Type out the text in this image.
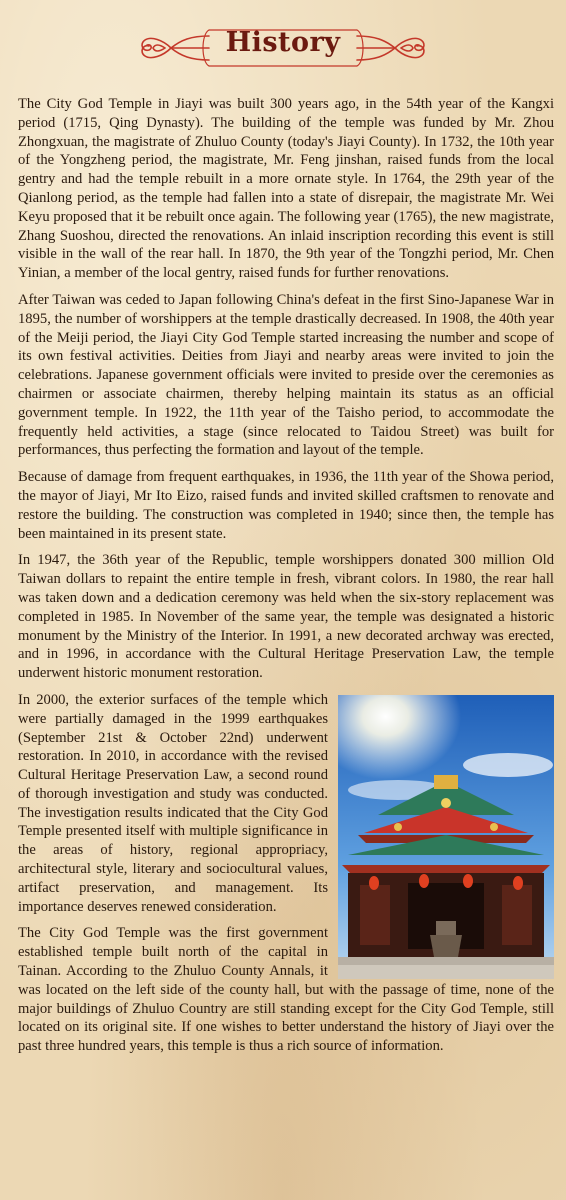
History

The City God Temple in Jiayi was built 300 years ago, in the 54th year of the Kangxi period (1715, Qing Dynasty). The building of the temple was funded by Mr. Zhou Zhongxuan, the magistrate of Zhuluo County (today's Jiayi County). In 1732, the 10th year of the Yongzheng period, the magistrate, Mr. Feng jinshan, raised funds from the local gentry and had the temple rebuilt in a more ornate style. In 1764, the 29th year of the Qianlong period, as the temple had fallen into a state of disrepair, the magistrate Mr. Wei Keyu proposed that it be rebuilt once again. The following year (1765), the new magistrate, Zhang Suoshou, directed the renovations. An inlaid inscription recording this event is still visible in the wall of the rear hall. In 1870, the 9th year of the Tongzhi period, Mr. Chen Yinian, a member of the local gentry, raised funds for further renovations.

After Taiwan was ceded to Japan following China's defeat in the first Sino-Japanese War in 1895, the number of worshippers at the temple drastically decreased. In 1908, the 40th year of the Meiji period, the Jiayi City God Temple started increasing the number and scope of its own festival activities. Deities from Jiayi and nearby areas were invited to join the celebrations. Japanese government officials were invited to preside over the ceremonies as chairmen or associate chairmen, thereby helping maintain its status as an official government temple. In 1922, the 11th year of the Taisho period, to accommodate the frequently held activities, a stage (since relocated to Taidou Street) was built for performances, thus perfecting the formation and layout of the temple.

Because of damage from frequent earthquakes, in 1936, the 11th year of the Showa period, the mayor of Jiayi, Mr Ito Eizo, raised funds and invited skilled craftsmen to renovate and restore the building. The construction was completed in 1940; since then, the temple has been maintained in its present state.

In 1947, the 36th year of the Republic, temple worshippers donated 300 million Old Taiwan dollars to repaint the entire temple in fresh, vibrant colors. In 1980, the rear hall was taken down and a dedication ceremony was held when the six-story replacement was completed in 1985. In November of the same year, the temple was designated a historic monument by the Ministry of the Interior. In 1991, a new decorated archway was erected, and in 1996, in accordance with the Cultural Heritage Preservation Law, the temple underwent historic monument restoration.

In 2000, the exterior surfaces of the temple which were partially damaged in the 1999 earthquakes (September 21st & October 22nd) underwent restoration. In 2010, in accordance with the revised Cultural Heritage Preservation Law, a second round of thorough investigation and study was conducted. The investigation results indicated that the City God Temple presented itself with multiple significance in the areas of history, regional appropriacy, architectural style, literary and sociocultural values, artifact preservation, and management. Its importance deserves renewed consideration.

The City God Temple was the first government established temple built north of the capital in Tainan. According to the Zhuluo County Annals, it was located on the left side of the county hall, but with the passage of time, none of the major buildings of Zhuluo Country are still standing except for the City God Temple, still located on its original site. If one wishes to better understand the history of Jiayi over the past three hundred years, this temple is thus a rich source of information.
